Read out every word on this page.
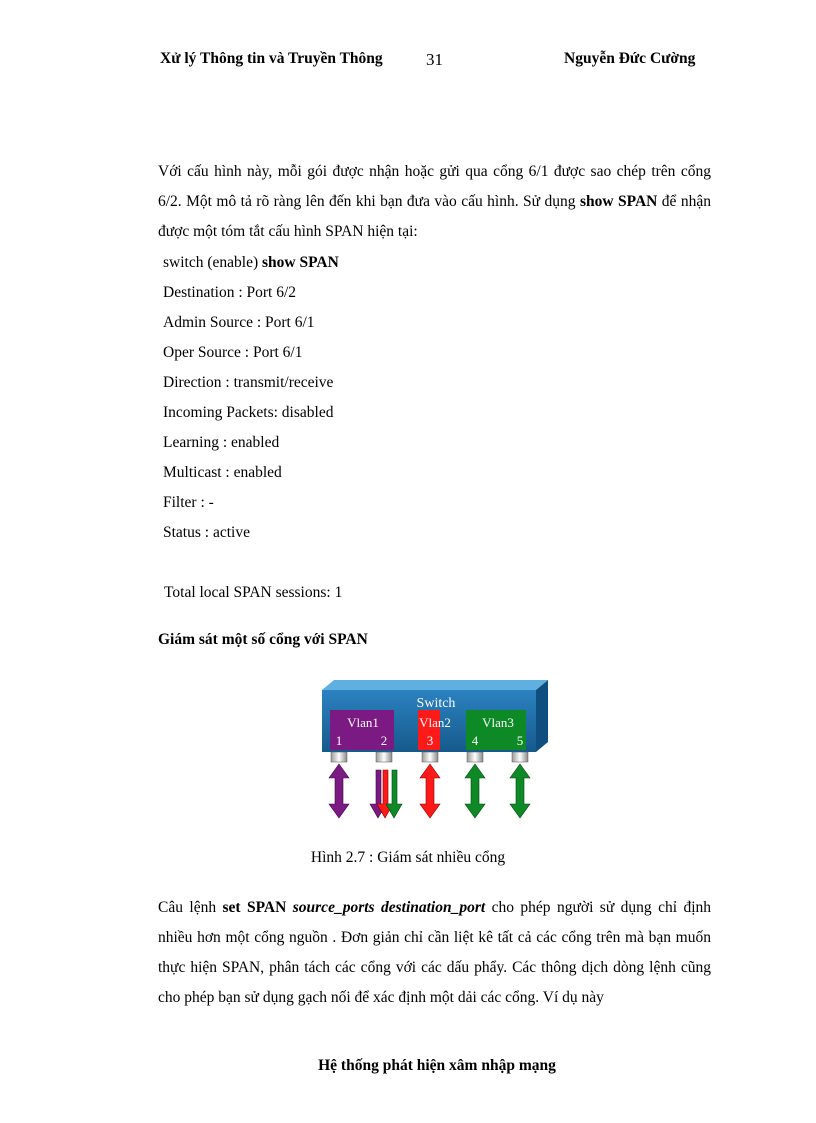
Xử lý Thông tin và Truyền Thông	31	Nguyễn Đức Cường
Với cấu hình này, mỗi gói được nhận hoặc gửi qua cổng 6/1 được sao chép trên cổng 6/2. Một mô tả rõ ràng lên đến khi bạn đưa vào cấu hình. Sử dụng show SPAN để nhận được một tóm tắt cấu hình SPAN hiện tại:
switch (enable) show SPAN
Destination : Port 6/2
Admin Source : Port 6/1
Oper Source : Port 6/1
Direction : transmit/receive
Incoming Packets: disabled
Learning : enabled
Multicast : enabled
Filter : -
Status : active
Total local SPAN sessions: 1
Giám sát một số cổng với SPAN
Switch
Vlan1	Vlan2 Vlan3
1	2	3	4	5
Hình 2.7 : Giám sát nhiều cổng
Câu lệnh set SPAN source_ports destination_port cho phép người sử dụng chỉ định nhiều hơn một cổng nguồn . Đơn giản chỉ cần liệt kê tất cả các cổng trên mà bạn muốn thực hiện SPAN, phân tách các cổng với các dấu phẩy. Các thông dịch dòng lệnh cũng cho phép bạn sử dụng gạch nối để xác định một dải các cổng. Ví dụ này
Hệ thống phát hiện xâm nhập mạng
